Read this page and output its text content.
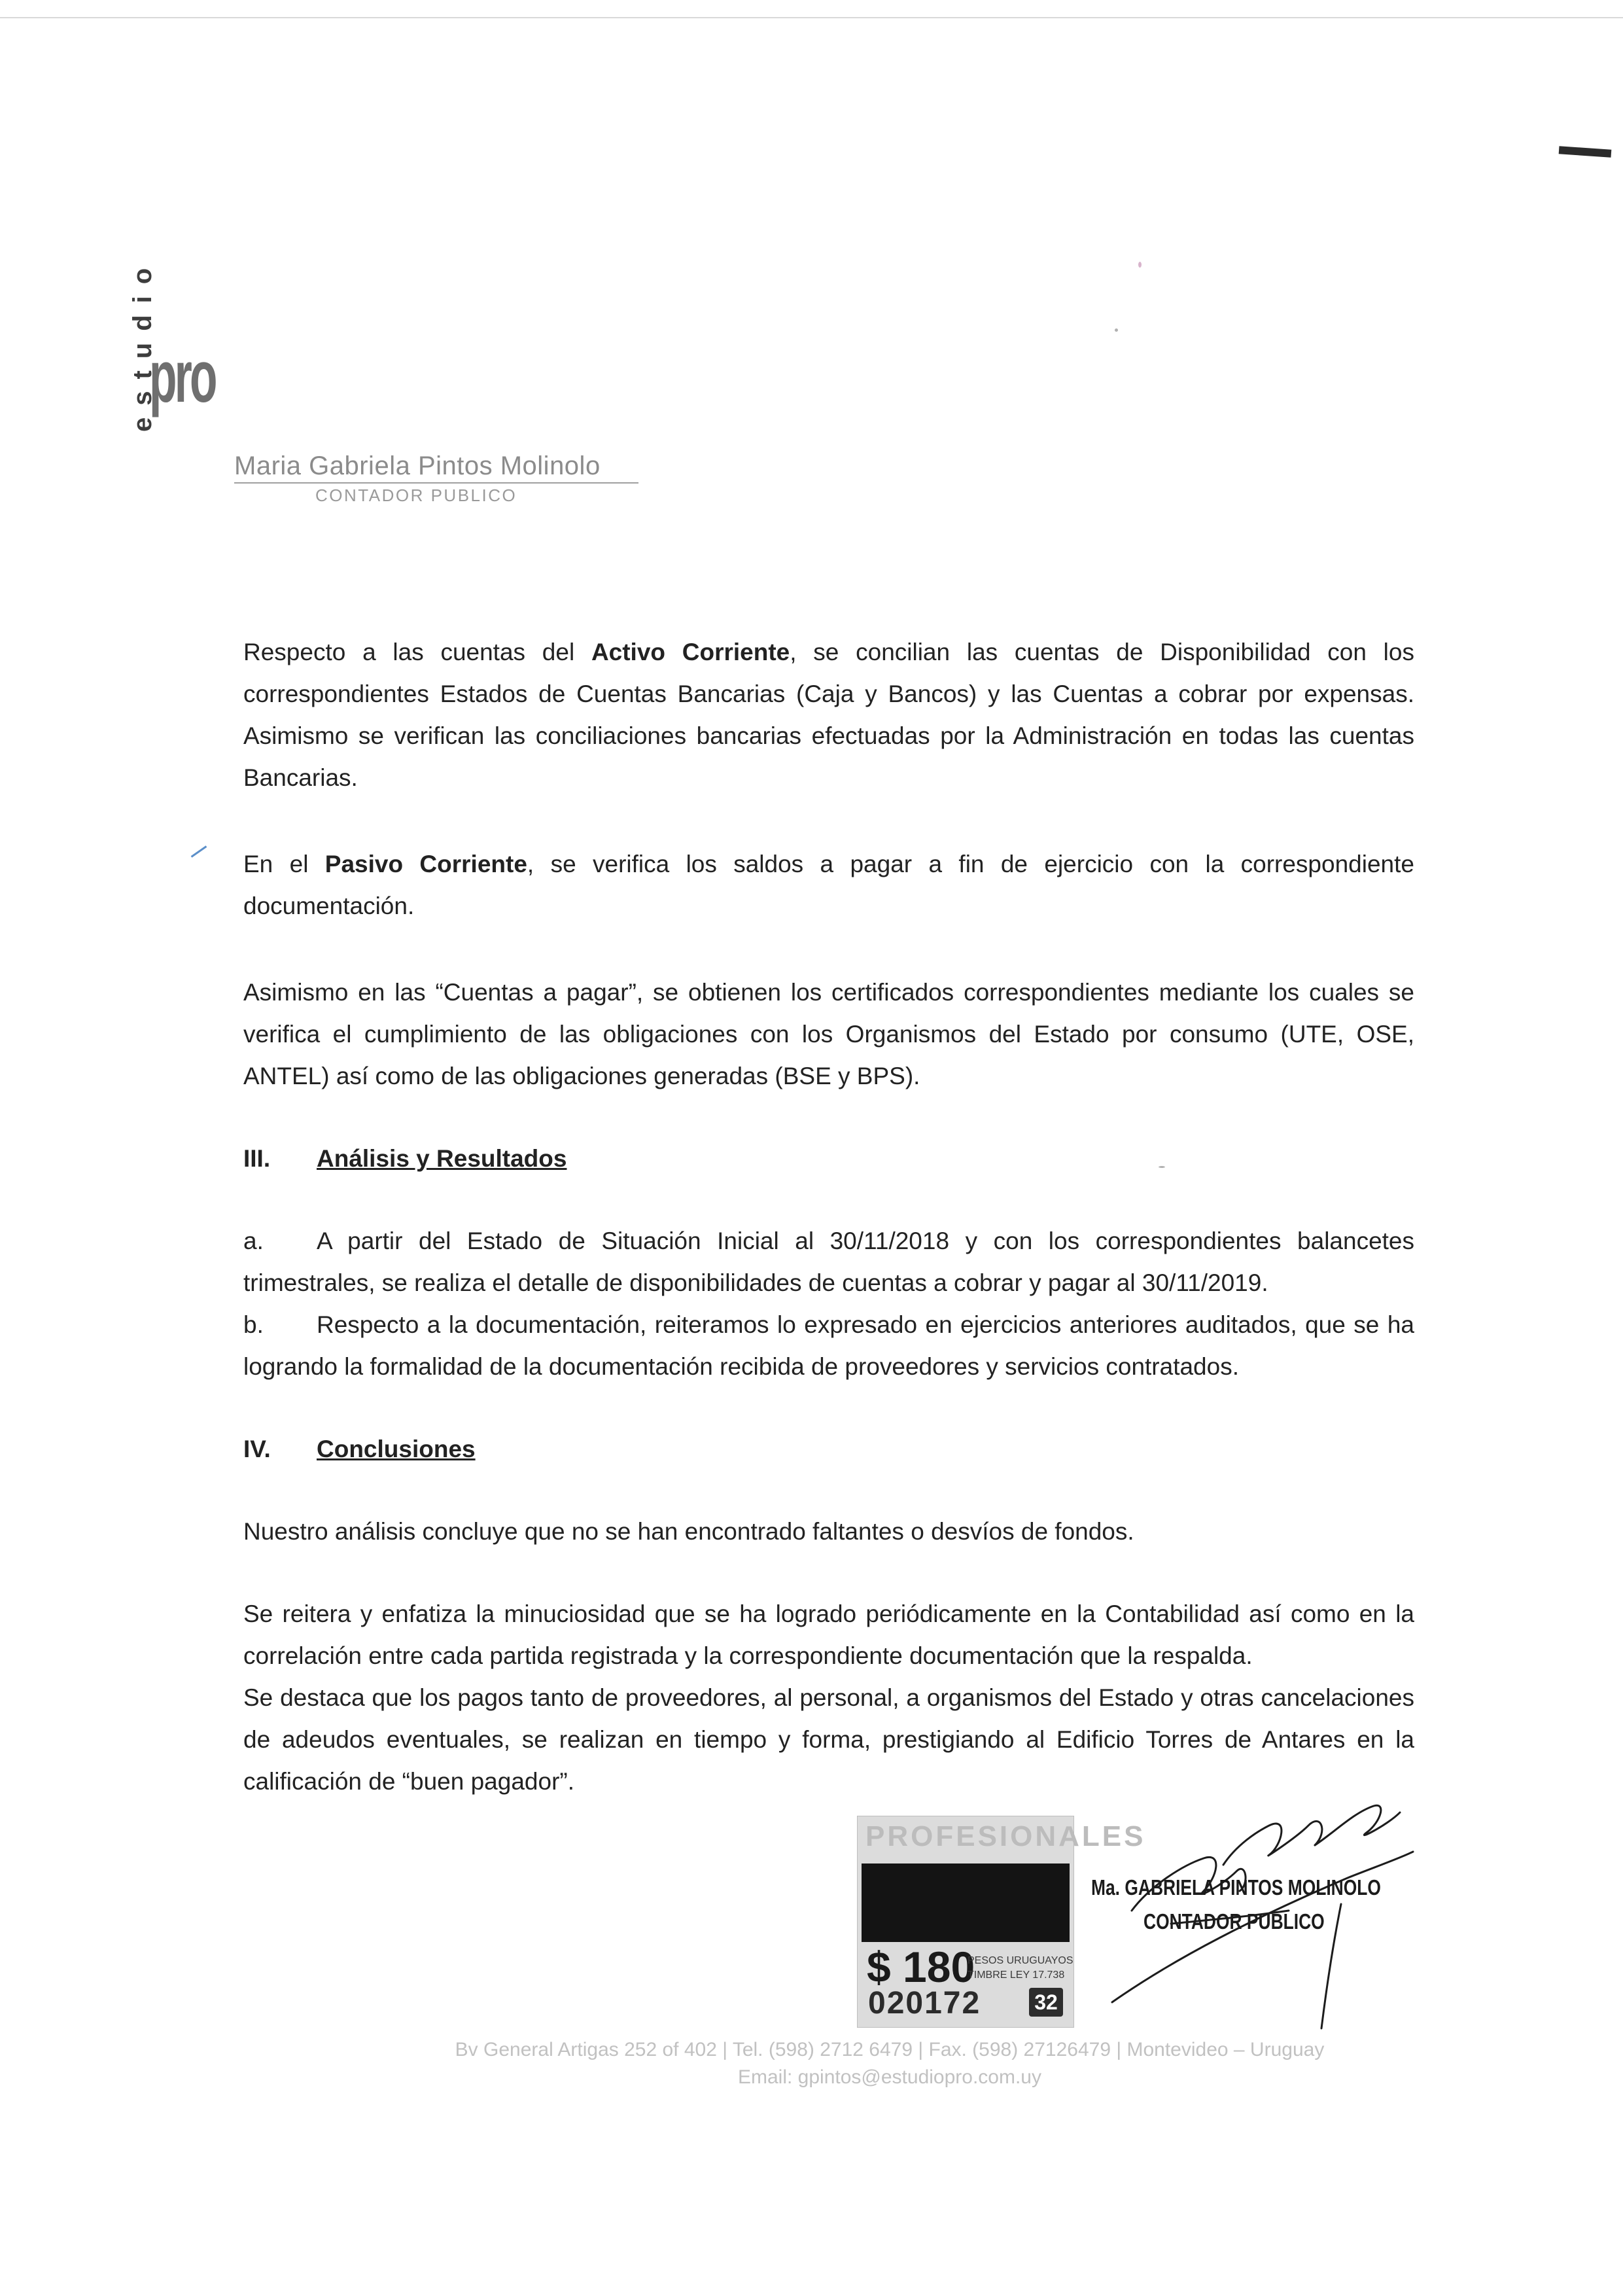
pro
estudio
Maria Gabriela Pintos Molinolo
CONTADOR PUBLICO

Respecto a las cuentas del Activo Corriente, se concilian las cuentas de Disponibilidad con los correspondientes Estados de Cuentas Bancarias (Caja y Bancos) y las Cuentas a cobrar por expensas. Asimismo se verifican las conciliaciones bancarias efectuadas por la Administración en todas las cuentas Bancarias.

En el Pasivo Corriente, se verifica los saldos a pagar a fin de ejercicio con la correspondiente documentación.

Asimismo en las “Cuentas a pagar”, se obtienen los certificados correspondientes mediante los cuales se verifica el cumplimiento de las obligaciones con los Organismos del Estado por consumo (UTE, OSE, ANTEL) así como de las obligaciones generadas (BSE y BPS).

III.	Análisis y Resultados

a. A partir del Estado de Situación Inicial al 30/11/2018 y con los correspondientes balancetes trimestrales, se realiza el detalle de disponibilidades de cuentas a cobrar y pagar al 30/11/2019.

b. Respecto a la documentación, reiteramos lo expresado en ejercicios anteriores auditados, que se ha logrando la formalidad de la documentación recibida de proveedores y servicios contratados.

IV.	Conclusiones

Nuestro análisis concluye que no se han encontrado faltantes o desvíos de fondos.

Se reitera y enfatiza la minuciosidad que se ha logrado periódicamente en la Contabilidad así como en la correlación entre cada partida registrada y la correspondiente documentación que la respalda.

Se destaca que los pagos tanto de proveedores, al personal, a organismos del Estado y otras cancelaciones de adeudos eventuales, se realizan en tiempo y forma, prestigiando al Edificio Torres de Antares en la calificación de “buen pagador”.

PROFESIONALES
$ 180
PESOS URUGUAYOS
TIMBRE LEY 17.738
020172	32
Ma. GABRIELA PINTOS MOLINOLO
CONTADOR PUBLICO
Bv General Artigas 252 of 402 | Tel. (598) 2712 6479 | Fax. (598) 27126479 | Montevideo – Uruguay
Email: gpintos@estudiopro.com.uy
